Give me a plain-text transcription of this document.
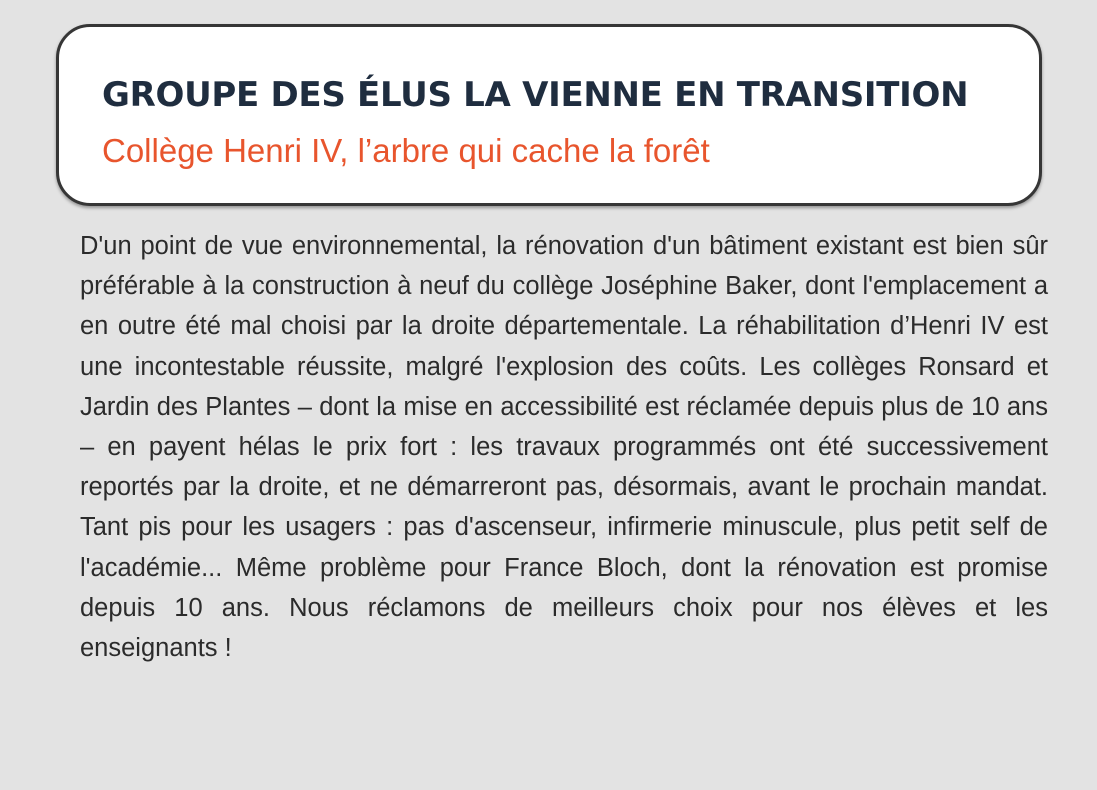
GROUPE DES ÉLUS LA VIENNE EN TRANSITION
Collège Henri IV, l’arbre qui cache la forêt

D'un point de vue environnemental, la rénovation d'un bâtiment existant est bien sûr préférable à la construction à neuf du collège Joséphine Baker, dont l'emplacement a en outre été mal choisi par la droite départementale. La réhabilitation d’Henri IV est une incontestable réussite, malgré l'explosion des coûts. Les collèges Ronsard et Jardin des Plantes – dont la mise en accessibilité est réclamée depuis plus de 10 ans – en payent hélas le prix fort : les travaux programmés ont été successivement reportés par la droite, et ne démarreront pas, désormais, avant le prochain mandat. Tant pis pour les usagers : pas d'ascenseur, infirmerie minuscule, plus petit self de l'académie... Même problème pour France Bloch, dont la rénovation est promise depuis 10 ans. Nous réclamons de meilleurs choix pour nos élèves et les enseignants !
